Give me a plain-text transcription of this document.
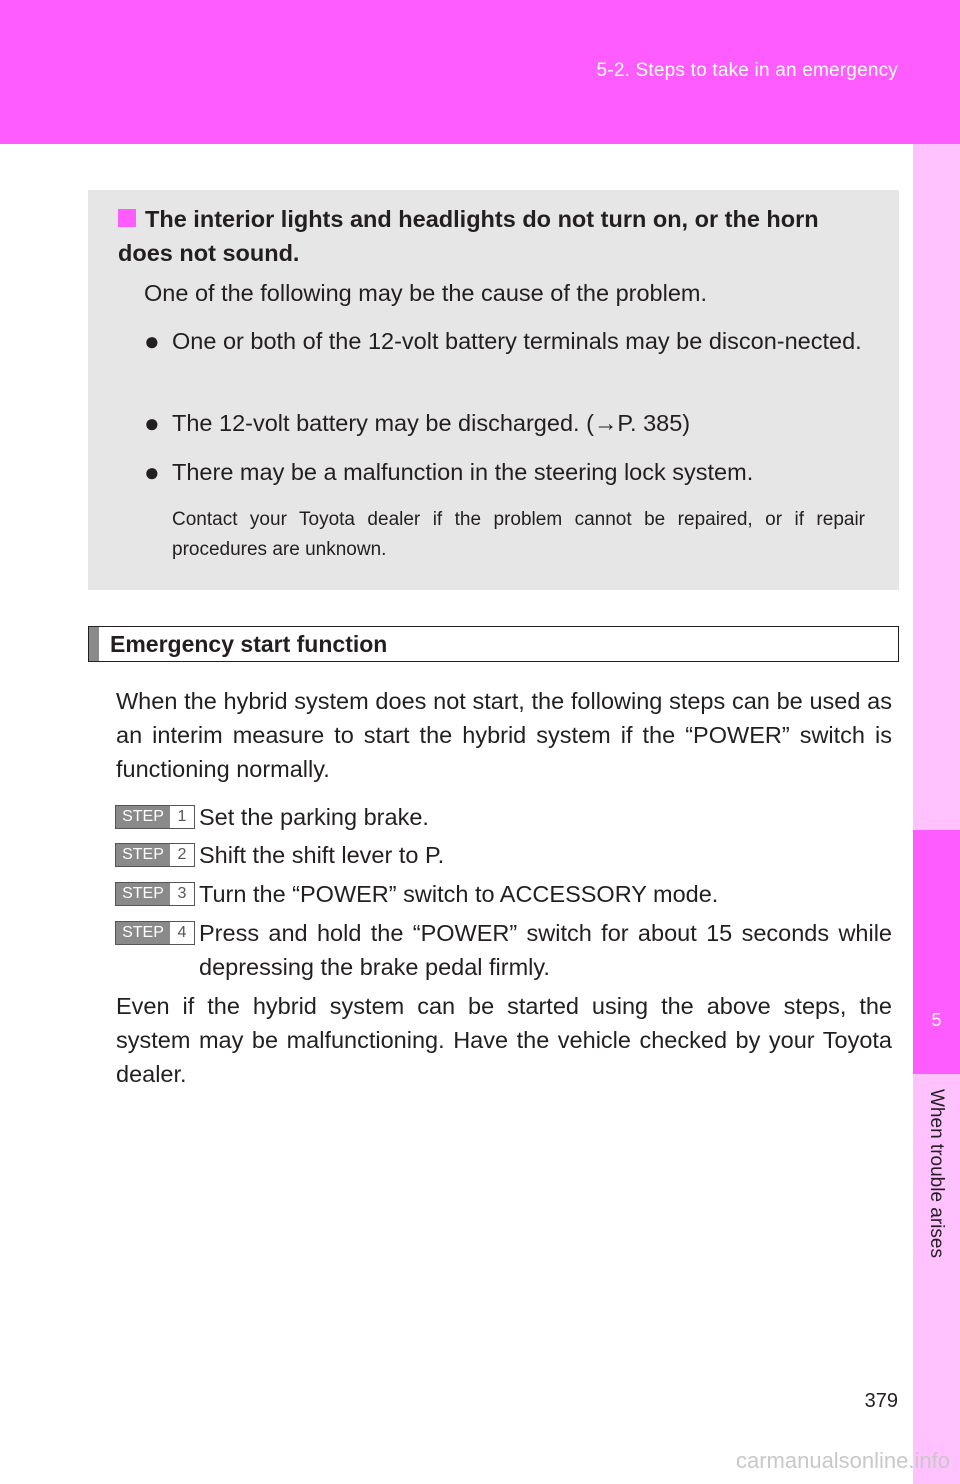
5-2. Steps to take in an emergency
5
When trouble arises
The interior lights and headlights do not turn on, or the horn does not sound.
One of the following may be the cause of the problem.
● One or both of the 12-volt battery terminals may be discon-nected.
● The 12-volt battery may be discharged. (→P. 385)
● There may be a malfunction in the steering lock system.
Contact your Toyota dealer if the problem cannot be repaired, or if repair procedures are unknown.
Emergency start function
When the hybrid system does not start, the following steps can be used as an interim measure to start the hybrid system if the “POWER” switch is functioning normally.
STEP 1 Set the parking brake.
STEP 2 Shift the shift lever to P.
STEP 3 Turn the “POWER” switch to ACCESSORY mode.
STEP 4 Press and hold the “POWER” switch for about 15 seconds while depressing the brake pedal firmly.
Even if the hybrid system can be started using the above steps, the system may be malfunctioning. Have the vehicle checked by your Toyota dealer.
379
carmanualsonline.info
